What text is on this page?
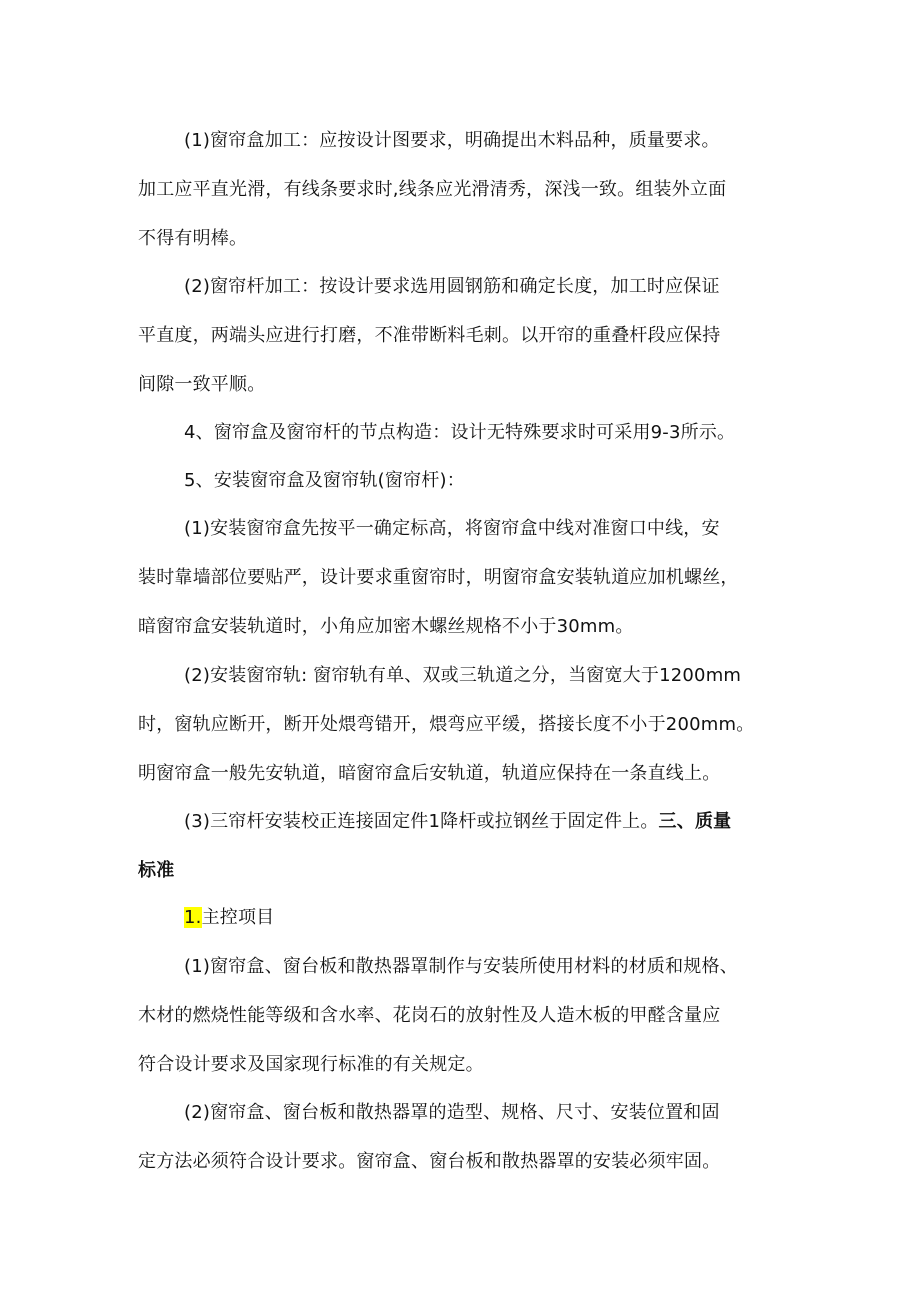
(1)窗帘盒加工：应按设计图要求，明确提出木料品种，质量要求。
加工应平直光滑，有线条要求时,线条应光滑清秀，深浅一致。组装外立面
不得有明棒。
(2)窗帘杆加工：按设计要求选用圆钢筋和确定长度，加工时应保证
平直度，两端头应进行打磨，不准带断料毛刺。以开帘的重叠杆段应保持
间隙一致平顺。
4、窗帘盒及窗帘杆的节点构造：设计无特殊要求时可采用9-3所示。
5、安装窗帘盒及窗帘轨(窗帘杆)：
(1)安装窗帘盒先按平一确定标高，将窗帘盒中线对准窗口中线，安
装时靠墙部位要贴严，设计要求重窗帘时，明窗帘盒安装轨道应加机螺丝，
暗窗帘盒安装轨道时，小角应加密木螺丝规格不小于30mm。
(2)安装窗帘轨: 窗帘轨有单、双或三轨道之分，当窗宽大于1200mm
时，窗轨应断开，断开处煨弯错开，煨弯应平缓，搭接长度不小于200mm。
明窗帘盒一般先安轨道，暗窗帘盒后安轨道，轨道应保持在一条直线上。
(3)三帘杆安装校正连接固定件1降杆或拉钢丝于固定件上。三、质量
标准
1.主控项目
(1)窗帘盒、窗台板和散热器罩制作与安装所使用材料的材质和规格、
木材的燃烧性能等级和含水率、花岗石的放射性及人造木板的甲醛含量应
符合设计要求及国家现行标准的有关规定。
(2)窗帘盒、窗台板和散热器罩的造型、规格、尺寸、安装位置和固
定方法必须符合设计要求。窗帘盒、窗台板和散热器罩的安装必须牢固。
